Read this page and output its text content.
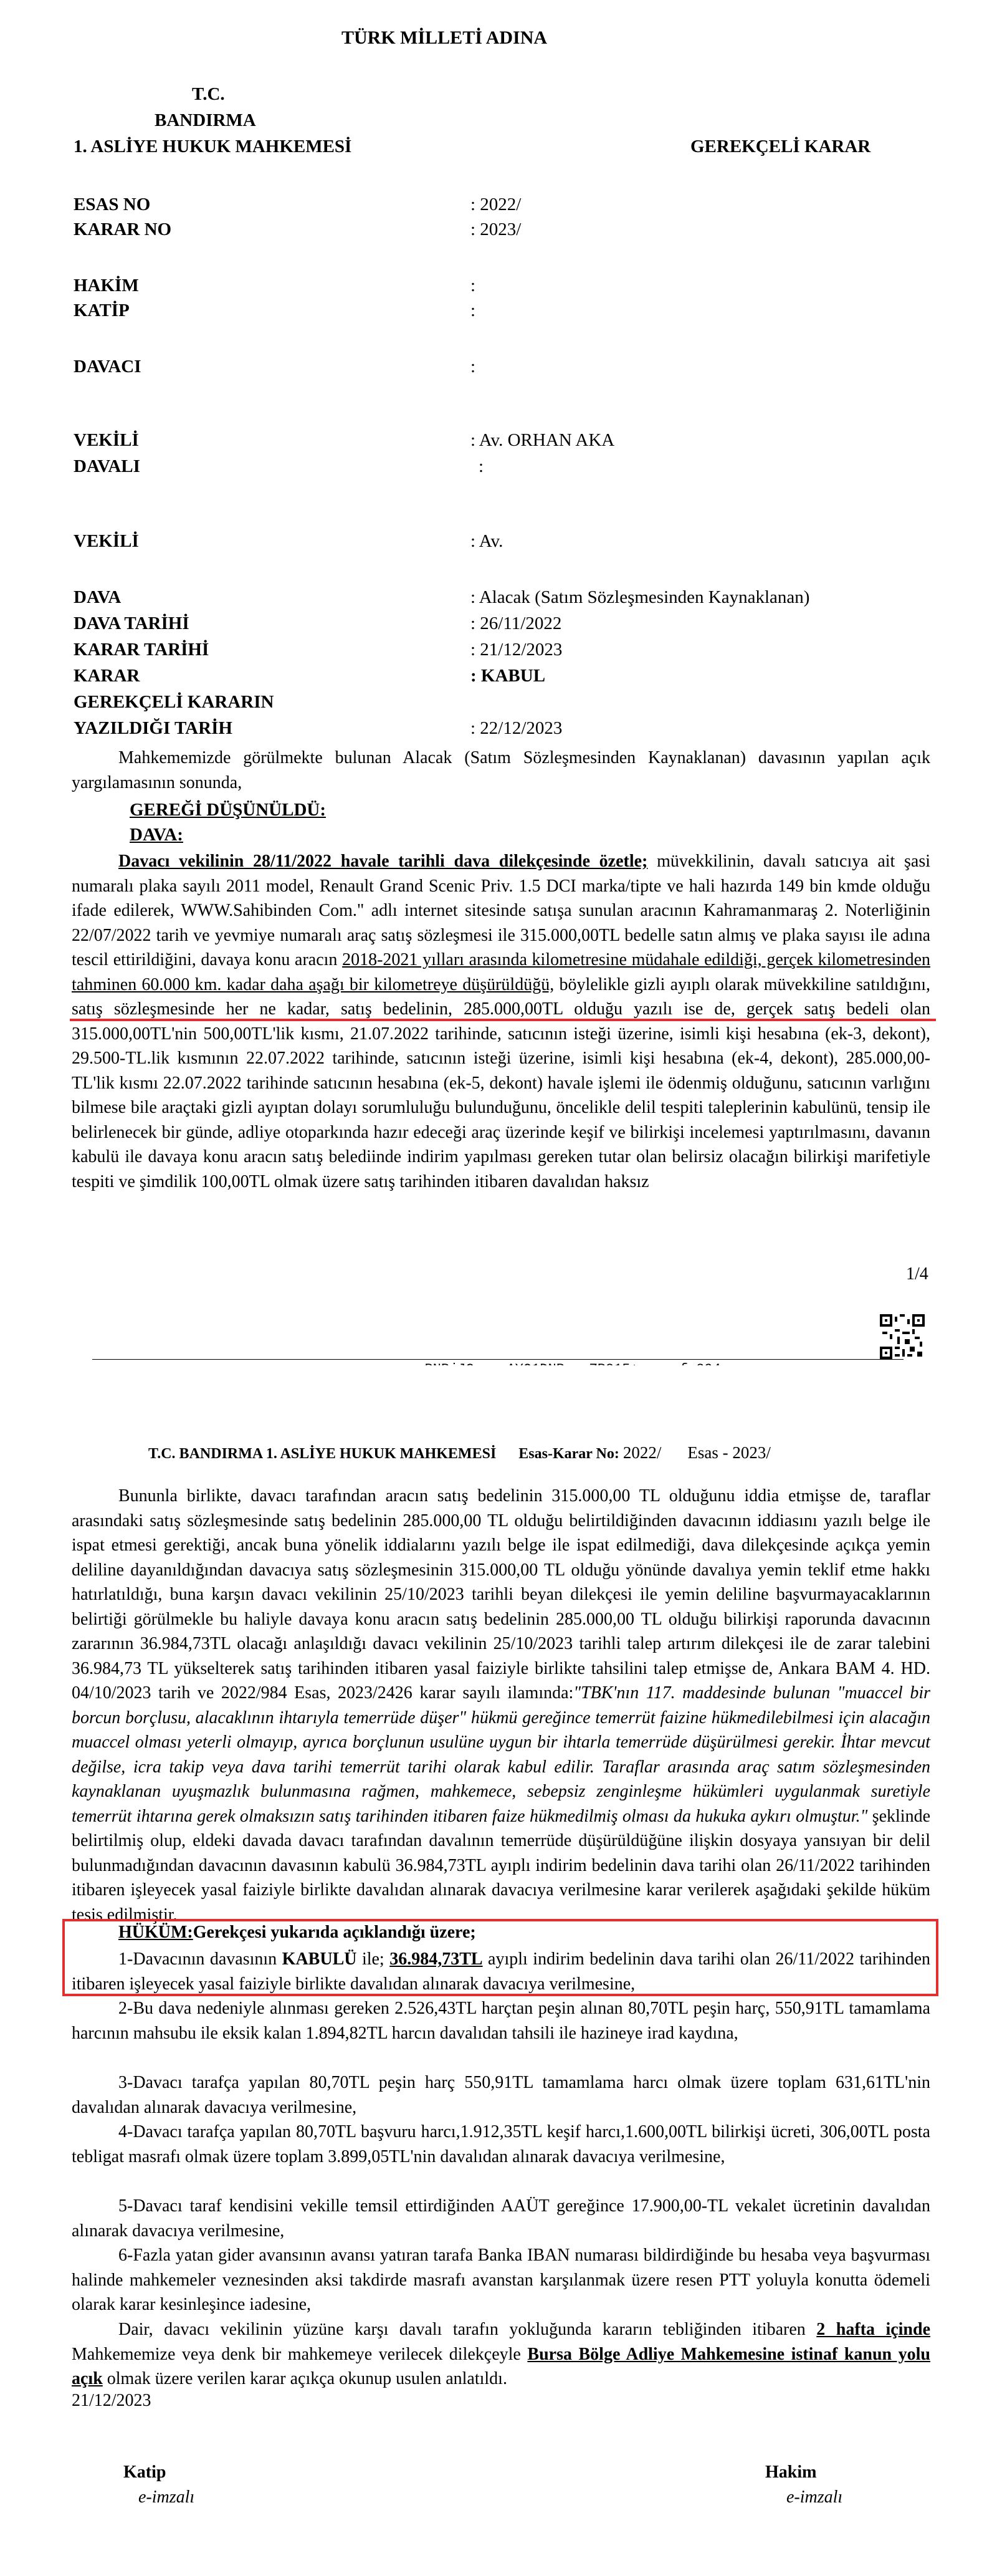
TÜRK MİLLETİ ADINA
T.C.
BANDIRMA
1. ASLİYE HUKUK MAHKEMESİ	GEREKÇELİ KARAR
ESAS NO	: 2022/
KARAR NO	: 2023/
HAKİM	:
KATİP	:
DAVACI	:
VEKİLİ	: Av. ORHAN AKA
DAVALI	:
VEKİLİ	: Av.
DAVA	: Alacak (Satım Sözleşmesinden Kaynaklanan)
DAVA TARİHİ	: 26/11/2022
KARAR TARİHİ	: 21/12/2023
KARAR	: KABUL
GEREKÇELİ KARARIN
YAZILDIĞI TARİH	: 22/12/2023
Mahkememizde görülmekte bulunan Alacak (Satım Sözleşmesinden Kaynaklanan) davasının yapılan açık yargılamasının sonunda,
GEREĞİ DÜŞÜNÜLDÜ:
DAVA:
Davacı vekilinin 28/11/2022 havale tarihli dava dilekçesinde özetle; müvekkilinin, davalı satıcıya ait şasi numaralı plaka sayılı 2011 model, Renault Grand Scenic Priv. 1.5 DCI marka/tipte ve hali hazırda 149 bin kmde olduğu ifade edilerek, WWW.Sahibinden Com." adlı internet sitesinde satışa sunulan aracının Kahramanmaraş 2. Noterliğinin 22/07/2022 tarih ve yevmiye numaralı araç satış sözleşmesi ile 315.000,00TL bedelle satın almış ve plaka sayısı ile adına tescil ettirildiğini, davaya konu aracın 2018-2021 yılları arasında kilometresine müdahale edildiği, gerçek kilometresinden tahminen 60.000 km. kadar daha aşağı bir kilometreye düşürüldüğü, böylelikle gizli ayıplı olarak müvekkiline satıldığını, satış sözleşmesinde her ne kadar, satış bedelinin, 285.000,00TL olduğu yazılı ise de, gerçek satış bedeli olan 315.000,00TL'nin 500,00TL'lik kısmı, 21.07.2022 tarihinde, satıcının isteği üzerine, isimli kişi hesabına (ek-3, dekont), 29.500-TL.lik kısmının 22.07.2022 tarihinde, satıcının isteği üzerine, isimli kişi hesabına (ek-4, dekont), 285.000,00-TL'lik kısmı 22.07.2022 tarihinde satıcının hesabına (ek-5, dekont) havale işlemi ile ödenmiş olduğunu, satıcının varlığını bilmese bile araçtaki gizli ayıptan dolayı sorumluluğu bulunduğunu, öncelikle delil tespiti taleplerinin kabulünü, tensip ile belirlenecek bir günde, adliye otoparkında hazır edeceği araç üzerinde keşif ve bilirkişi incelemesi yaptırılmasını, davanın kabulü ile davaya konu aracın satış belediinde indirim yapılması gereken tutar olan belirsiz olacağın bilirkişi marifetiyle tespiti ve şimdilik 100,00TL olmak üzere satış tarihinden itibaren davalıdan haksız
1/4
T.C. BANDIRMA 1. ASLİYE HUKUK MAHKEMESİ Esas-Karar No: 2022/ Esas - 2023/
Bununla birlikte, davacı tarafından aracın satış bedelinin 315.000,00 TL olduğunu iddia etmişse de, taraflar arasındaki satış sözleşmesinde satış bedelinin 285.000,00 TL olduğu belirtildiğinden davacının iddiasını yazılı belge ile ispat etmesi gerektiği, ancak buna yönelik iddialarını yazılı belge ile ispat edilmediği, dava dilekçesinde açıkça yemin deliline dayanıldığından davacıya satış sözleşmesinin 315.000,00 TL olduğu yönünde davalıya yemin teklif etme hakkı hatırlatıldığı, buna karşın davacı vekilinin 25/10/2023 tarihli beyan dilekçesi ile yemin deliline başvurmayacaklarının belirtiği görülmekle bu haliyle davaya konu aracın satış bedelinin 285.000,00 TL olduğu bilirkişi raporunda davacının zararının 36.984,73TL olacağı anlaşıldığı davacı vekilinin 25/10/2023 tarihli talep artırım dilekçesi ile de zarar talebini 36.984,73 TL yükselterek satış tarihinden itibaren yasal faiziyle birlikte tahsilini talep etmişse de, Ankara BAM 4. HD. 04/10/2023 tarih ve 2022/984 Esas, 2023/2426 karar sayılı ilamında:"TBK'nın 117. maddesinde bulunan "muaccel bir borcun borçlusu, alacaklının ihtarıyla temerrüde düşer" hükmü gereğince temerrüt faizine hükmedilebilmesi için alacağın muaccel olması yeterli olmayıp, ayrıca borçlunun usulüne uygun bir ihtarla temerrüde düşürülmesi gerekir. İhtar mevcut değilse, icra takip veya dava tarihi temerrüt tarihi olarak kabul edilir. Taraflar arasında araç satım sözleşmesinden kaynaklanan uyuşmazlık bulunmasına rağmen, mahkemece, sebepsiz zenginleşme hükümleri uygulanmak suretiyle temerrüt ihtarına gerek olmaksızın satış tarihinden itibaren faize hükmedilmiş olması da hukuka aykırı olmuştur." şeklinde belirtilmiş olup, eldeki davada davacı tarafından davalının temerrüde düşürüldüğüne ilişkin dosyaya yansıyan bir delil bulunmadığından davacının davasının kabulü 36.984,73TL ayıplı indirim bedelinin dava tarihi olan 26/11/2022 tarihinden itibaren işleyecek yasal faiziyle birlikte davalıdan alınarak davacıya verilmesine karar verilerek aşağıdaki şekilde hüküm tesis edilmiştir.
HÜKÜM:Gerekçesi yukarıda açıklandığı üzere;
1-Davacının davasının KABULÜ ile; 36.984,73TL ayıplı indirim bedelinin dava tarihi olan 26/11/2022 tarihinden itibaren işleyecek yasal faiziyle birlikte davalıdan alınarak davacıya verilmesine,
2-Bu dava nedeniyle alınması gereken 2.526,43TL harçtan peşin alınan 80,70TL peşin harç, 550,91TL tamamlama harcının mahsubu ile eksik kalan 1.894,82TL harcın davalıdan tahsili ile hazineye irad kaydına,
3-Davacı tarafça yapılan 80,70TL peşin harç 550,91TL tamamlama harcı olmak üzere toplam 631,61TL'nin davalıdan alınarak davacıya verilmesine,
4-Davacı tarafça yapılan 80,70TL başvuru harcı,1.912,35TL keşif harcı,1.600,00TL bilirkişi ücreti, 306,00TL posta tebligat masrafı olmak üzere toplam 3.899,05TL'nin davalıdan alınarak davacıya verilmesine,
5-Davacı taraf kendisini vekille temsil ettirdiğinden AAÜT gereğince 17.900,00-TL vekalet ücretinin davalıdan alınarak davacıya verilmesine,
6-Fazla yatan gider avansının avansı yatıran tarafa Banka IBAN numarası bildirdiğinde bu hesaba veya başvurması halinde mahkemeler veznesinden aksi takdirde masrafı avanstan karşılanmak üzere resen PTT yoluyla konutta ödemeli olarak karar kesinleşince iadesine,
Dair, davacı vekilinin yüzüne karşı davalı tarafın yokluğunda kararın tebliğinden itibaren 2 hafta içinde Mahkememize veya denk bir mahkemeye verilecek dilekçeyle Bursa Bölge Adliye Mahkemesine istinaf kanun yolu açık olmak üzere verilen karar açıkça okunup usulen anlatıldı.
21/12/2023
Katip
e-imzalı
Hakim
e-imzalı
